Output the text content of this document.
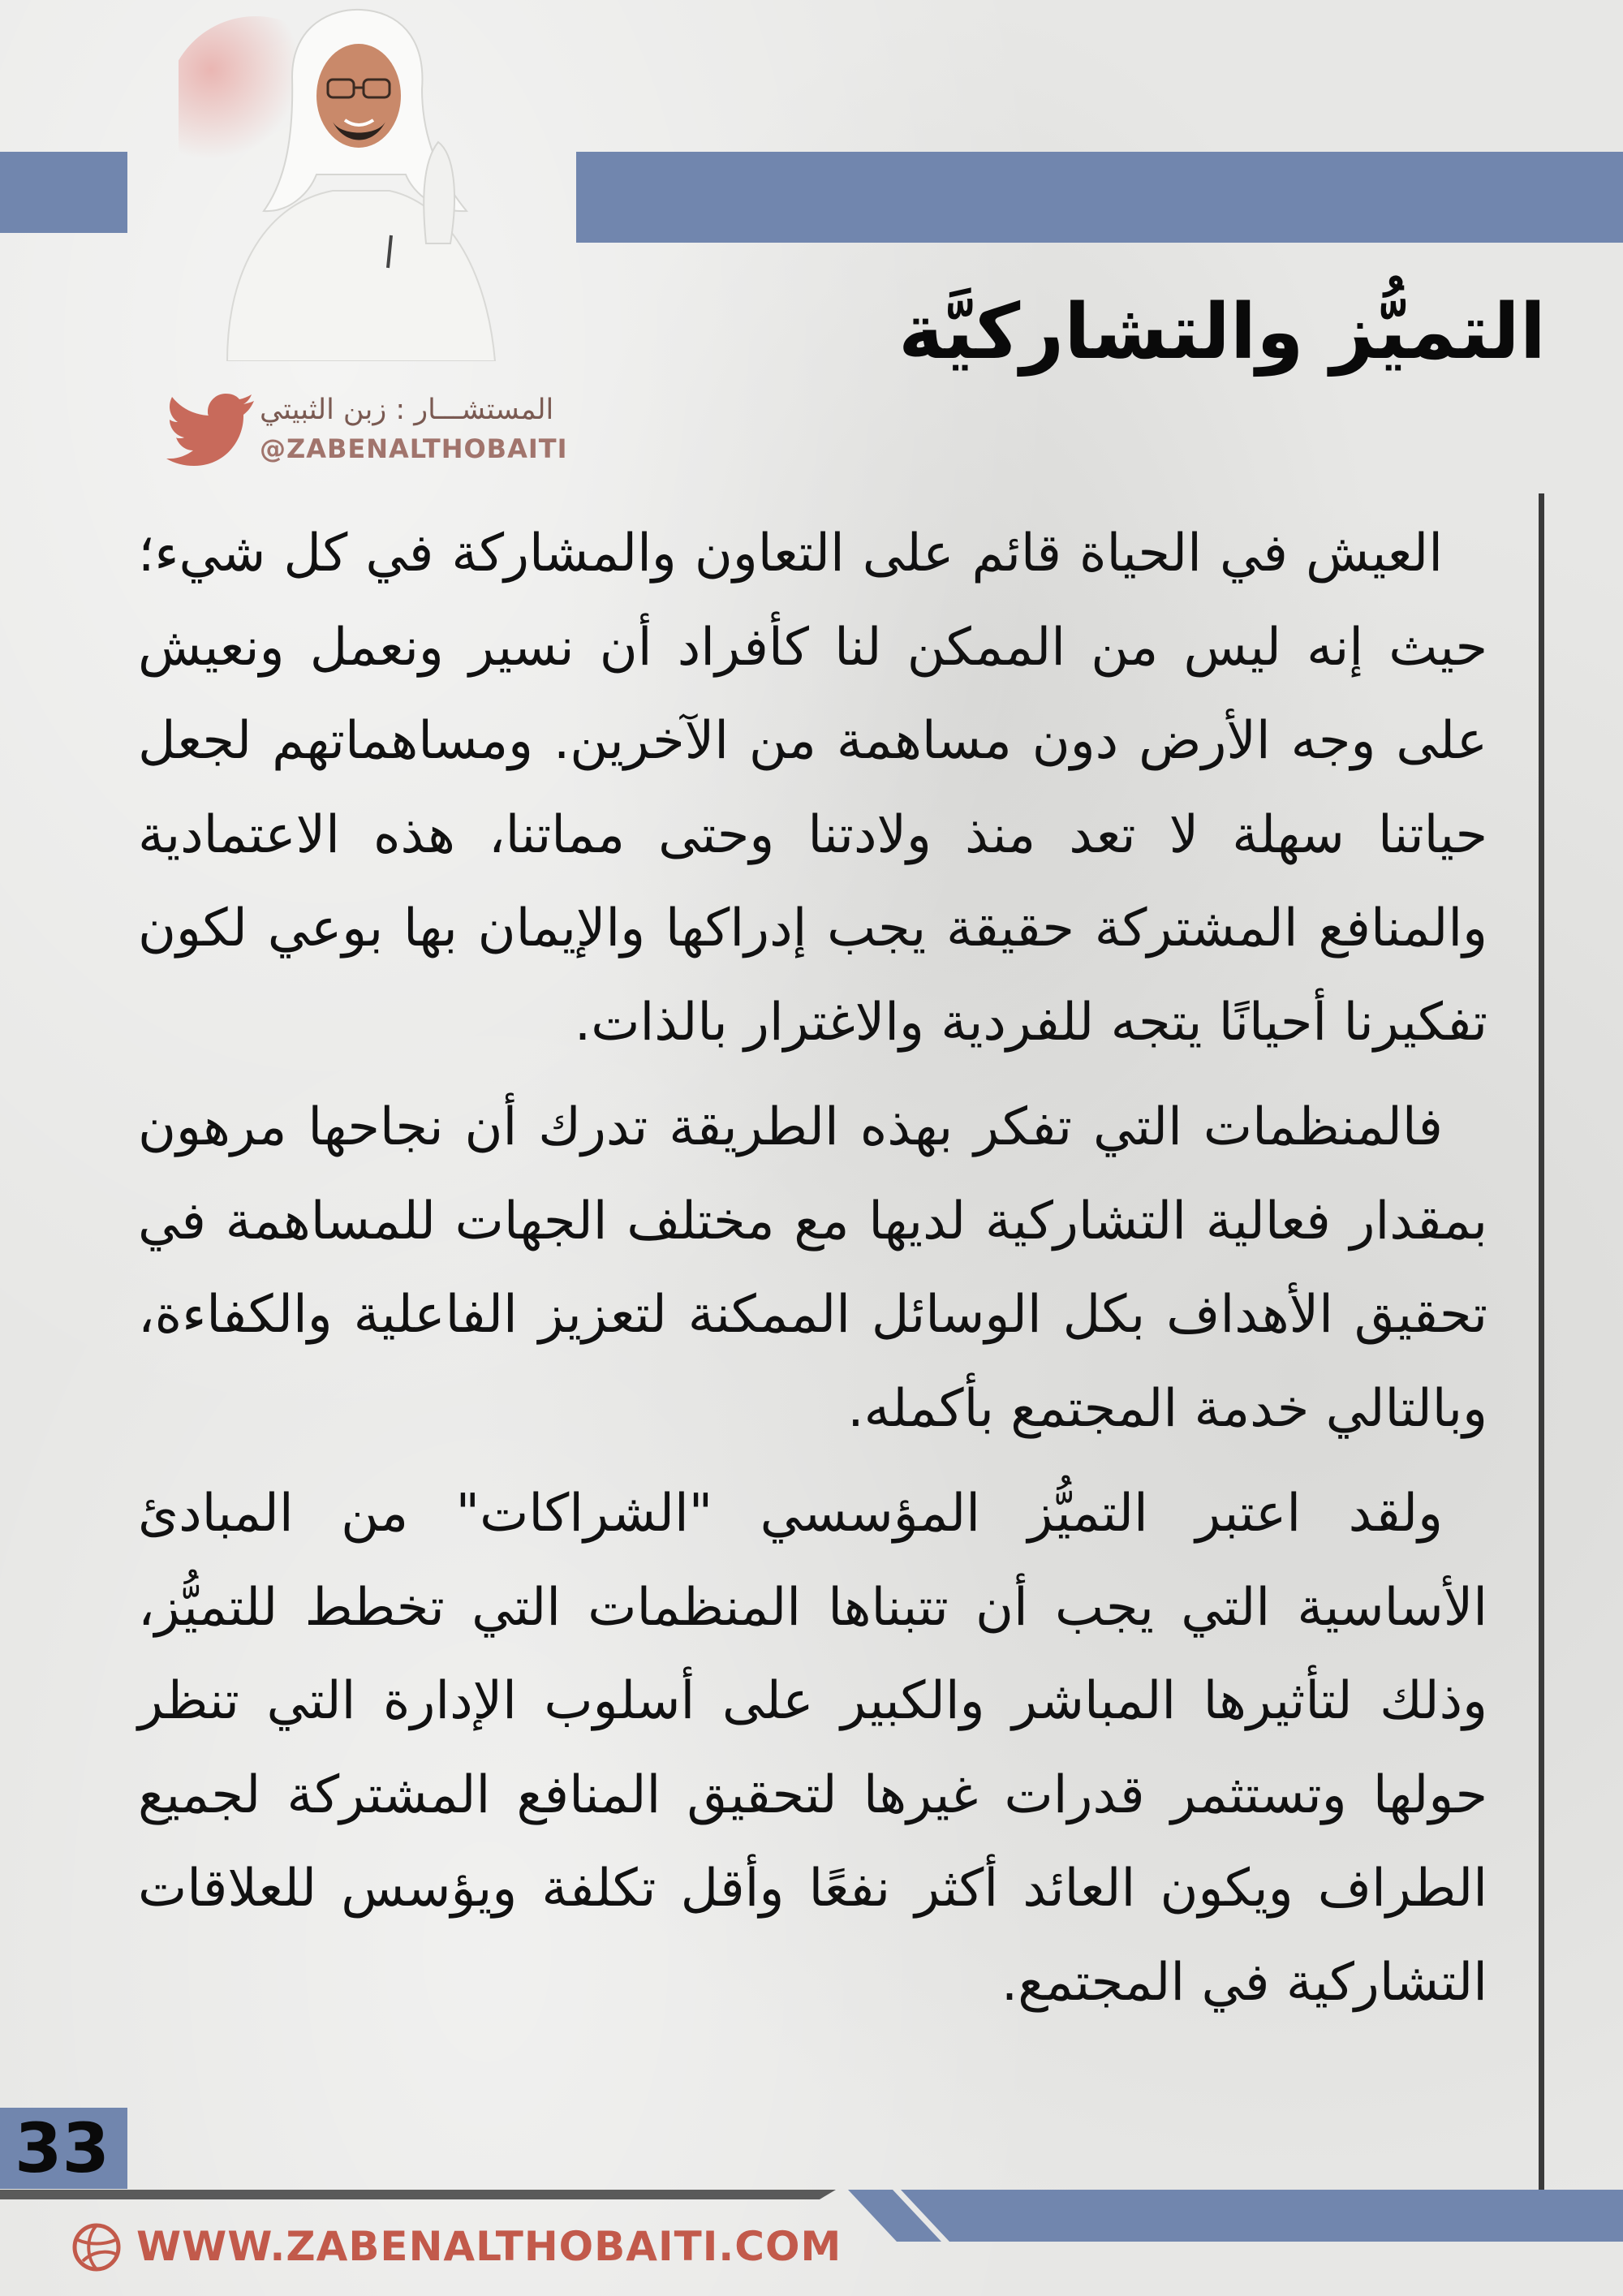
التميُّز والتشاركيَّة
المستشـــار : زبن الثبيتي
@ZABENALTHOBAITI

العيش في الحياة قائم على التعاون والمشاركة في كل شيء؛ حيث إنه ليس من الممكن لنا كأفراد أن نسير ونعمل ونعيش على وجه الأرض دون مساهمة من الآخرين. ومساهماتهم لجعل حياتنا سهلة لا تعد منذ ولادتنا وحتى مماتنا، هذه الاعتمادية والمنافع المشتركة حقيقة يجب إدراكها والإيمان بها بوعي لكون تفكيرنا أحيانًا يتجه للفردية والاغترار بالذات.

فالمنظمات التي تفكر بهذه الطريقة تدرك أن نجاحها مرهون بمقدار فعالية التشاركية لديها مع مختلف الجهات للمساهمة في تحقيق الأهداف بكل الوسائل الممكنة لتعزيز الفاعلية والكفاءة، وبالتالي خدمة المجتمع بأكمله.

ولقد اعتبر التميُّز المؤسسي "الشراكات" من المبادئ الأساسية التي يجب أن تتبناها المنظمات التي تخطط للتميُّز، وذلك لتأثيرها المباشر والكبير على أسلوب الإدارة التي تنظر حولها وتستثمر قدرات غيرها لتحقيق المنافع المشتركة لجميع الطراف ويكون العائد أكثر نفعًا وأقل تكلفة ويؤسس للعلاقات التشاركية في المجتمع.

33
WWW.ZABENALTHOBAITI.COM
